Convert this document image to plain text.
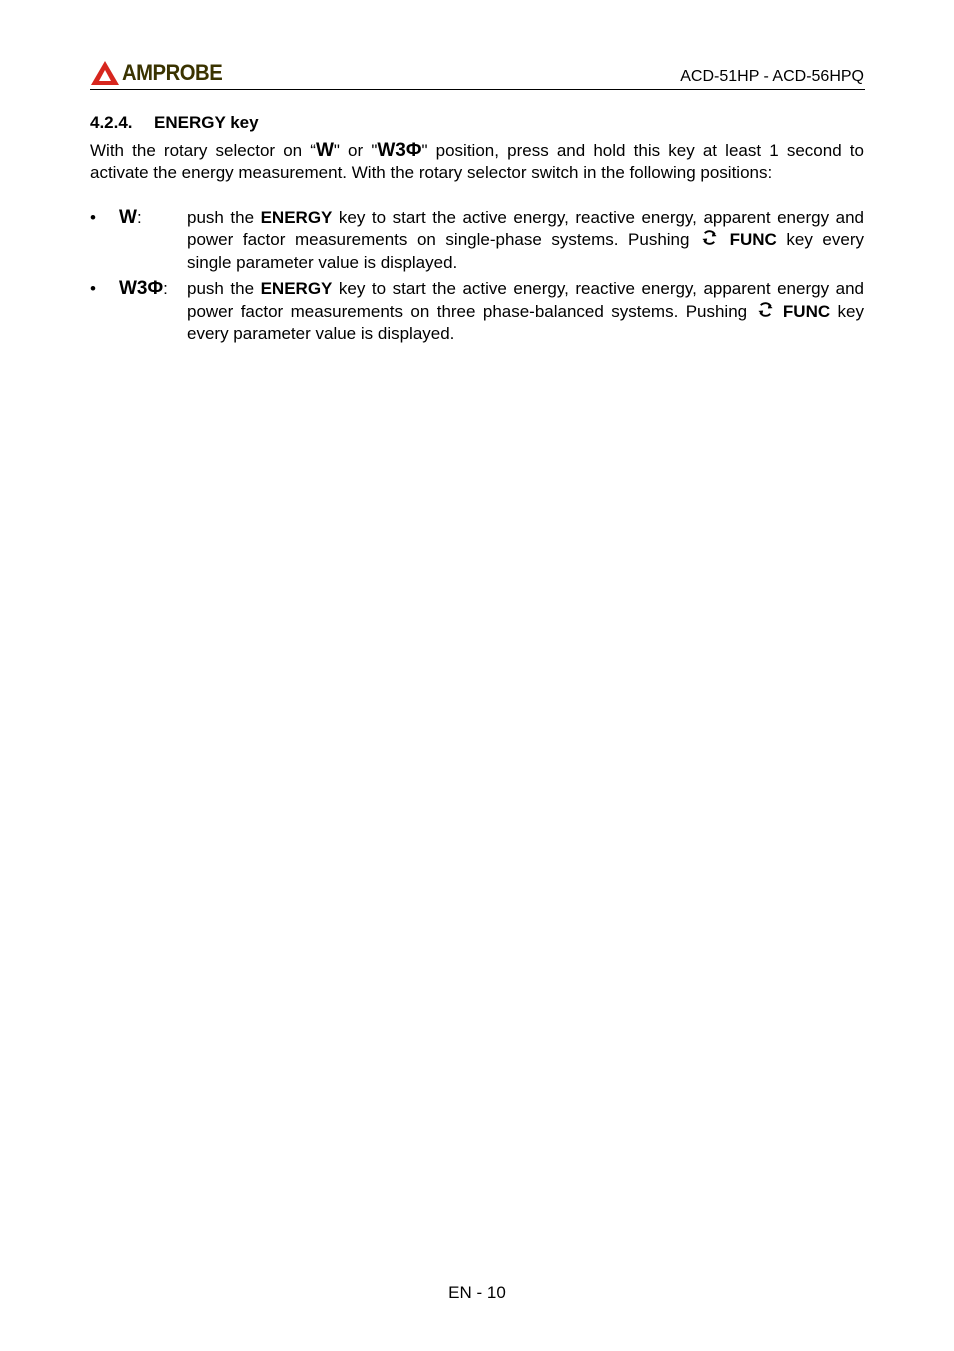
AMPROBE	ACD-51HP - ACD-56HPQ
4.2.4. ENERGY key

With the rotary selector on “W" or "W3Φ" position, press and hold this key at least 1 second to activate the energy measurement. With the rotary selector switch in the following positions:

• W:	push the ENERGY key to start the active energy, reactive energy, apparent energy and power factor measurements on single-phase systems. Pushing  FUNC key every single parameter value is displayed.
• W3Φ: push the ENERGY key to start the active energy, reactive energy, apparent energy and power factor measurements on three phase-balanced systems. Pushing  FUNC key every parameter value is displayed.
EN - 10
